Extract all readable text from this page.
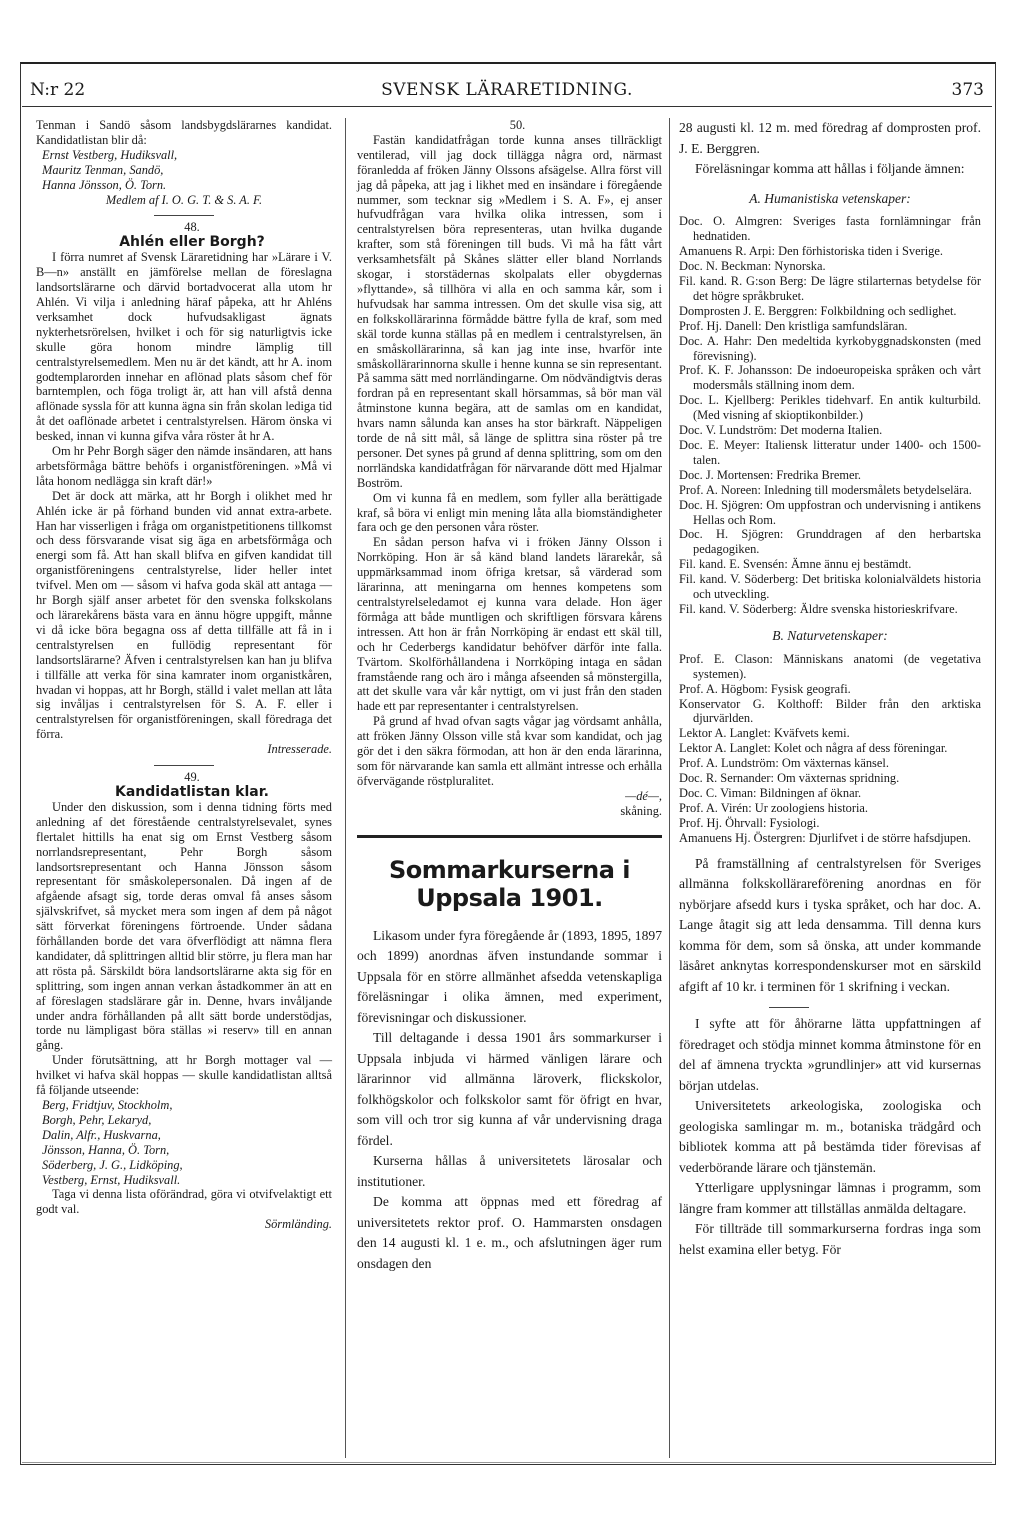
N:r 22	SVENSK LÄRARETIDNING.	373

Tenman i Sandö såsom landsbygdslärarnes kandidat. Kandidatlistan blir då:

Ernst Vestberg, Hudiksvall,
Mauritz Tenman, Sandö,
Hanna Jönsson, Ö. Torn.

Medlem af I. O. G. T. & S. A. F.

48.

Ahlén eller Borgh?

I förra numret af Svensk Läraretidning har »Lärare i V. B—n» anställt en jämförelse mellan de föreslagna landsortslärarne och därvid bortadvocerat alla utom hr Ahlén. Vi vilja i anledning häraf påpeka, att hr Ahléns verksamhet dock hufvudsakligast ägnats nykterhetsrörelsen, hvilket i och för sig naturligtvis icke skulle göra honom mindre lämplig till centralstyrelsemedlem. Men nu är det kändt, att hr A. inom godtemplarorden innehar en aflönad plats såsom chef för barntemplen, och föga troligt är, att han vill afstå denna aflönade syssla för att kunna ägna sin från skolan lediga tid åt det oaflönade arbetet i centralstyrelsen. Härom önska vi besked, innan vi kunna gifva våra röster åt hr A.

Om hr Pehr Borgh säger den nämde insändaren, att hans arbetsförmåga bättre behöfs i organistföreningen. »Må vi låta honom nedlägga sin kraft där!»

Det är dock att märka, att hr Borgh i olikhet med hr Ahlén icke är på förhand bunden vid annat extra-arbete. Han har visserligen i fråga om organistpetitionens tillkomst och dess försvarande visat sig äga en arbetsförmåga och energi som få. Att han skall blifva en gifven kandidat till organistföreningens centralstyrelse, lider heller intet tvifvel. Men om — såsom vi hafva goda skäl att antaga — hr Borgh själf anser arbetet för den svenska folkskolans och lärarekårens bästa vara en ännu högre uppgift, månne vi då icke böra begagna oss af detta tillfälle att få in i centralstyrelsen en fullödig representant för landsortslärarne? Äfven i centralstyrelsen kan han ju blifva i tillfälle att verka för sina kamrater inom organistkåren, hvadan vi hoppas, att hr Borgh, ställd i valet mellan att låta sig invåljas i centralstyrelsen för S. A. F. eller i centralstyrelsen för organistföreningen, skall föredraga det förra.

Intresserade.

49.

Kandidatlistan klar.

Under den diskussion, som i denna tidning förts med anledning af det förestående centralstyrelsevalet, synes flertalet hittills ha enat sig om Ernst Vestberg såsom norrlandsrepresentant, Pehr Borgh såsom landsortsrepresentant och Hanna Jönsson såsom representant för småskolepersonalen. Då ingen af de afgående afsagt sig, torde deras omval få anses såsom självskrifvet, så mycket mera som ingen af dem på något sätt förverkat föreningens förtroende. Under sådana förhållanden borde det vara öfverflödigt att nämna flera kandidater, då splittringen alltid blir större, ju flera man har att rösta på. Särskildt böra landsortslärarne akta sig för en splittring, som ingen annan verkan åstadkommer än att en af föreslagen stadslärare går in. Denne, hvars invåljande under andra förhållanden på allt sätt borde understödjas, torde nu lämpligast böra ställas »i reserv» till en annan gång.

Under förutsättning, att hr Borgh mottager val — hvilket vi hafva skäl hoppas — skulle kandidatlistan alltså få följande utseende:

Berg, Fridtjuv, Stockholm,
Borgh, Pehr, Lekaryd,
Dalin, Alfr., Huskvarna,
Jönsson, Hanna, Ö. Torn,
Söderberg, J. G., Lidköping,
Vestberg, Ernst, Hudiksvall.

Taga vi denna lista oförändrad, göra vi otvifvelaktigt ett godt val.

Sörmländing.

50.

Fastän kandidatfrågan torde kunna anses tillräckligt ventilerad, vill jag dock tillägga några ord, närmast föranledda af fröken Jänny Olssons afsägelse. Allra först vill jag då påpeka, att jag i likhet med en insändare i föregående nummer, som tecknar sig »Medlem i S. A. F», ej anser hufvudfrågan vara hvilka olika intressen, som i centralstyrelsen böra representeras, utan hvilka dugande krafter, som stå föreningen till buds. Vi må ha fått vårt verksamhetsfält på Skånes slätter eller bland Norrlands skogar, i storstädernas skolpalats eller obygdernas »flyttande», så tillhöra vi alla en och samma kår, som i hufvudsak har samma intressen. Om det skulle visa sig, att en folkskollärarinna förmådde bättre fylla de kraf, som med skäl torde kunna ställas på en medlem i centralstyrelsen, än en småskollärarinna, så kan jag inte inse, hvarför inte småskollärarinnorna skulle i henne kunna se sin representant. På samma sätt med norrländingarne. Om nödvändigtvis deras fordran på en representant skall hörsammas, så bör man väl åtminstone kunna begära, att de samlas om en kandidat, hvars namn sålunda kan anses ha stor bärkraft. Näppeligen torde de nå sitt mål, så länge de splittra sina röster på tre personer. Det synes på grund af denna splittring, som om den norrländska kandidatfrågan för närvarande dött med Hjalmar Boström.

Om vi kunna få en medlem, som fyller alla berättigade kraf, så böra vi enligt min mening låta alla biomständigheter fara och ge den personen våra röster.

En sådan person hafva vi i fröken Jänny Olsson i Norrköping. Hon är så känd bland landets lärarekår, så uppmärksammad inom öfriga kretsar, så värderad som lärarinna, att meningarna om hennes kompetens som centralstyrelseledamot ej kunna vara delade. Hon äger förmåga att både muntligen och skriftligen försvara kårens intressen. Att hon är från Norrköping är endast ett skäl till, och hr Cederbergs kandidatur behöfver därför inte falla. Tvärtom. Skolförhållandena i Norrköping intaga en sådan framstående rang och äro i många afseenden så mönstergilla, att det skulle vara vår kår nyttigt, om vi just från den staden hade ett par representanter i centralstyrelsen.

På grund af hvad ofvan sagts vågar jag vördsamt anhålla, att fröken Jänny Olsson ville stå kvar som kandidat, och jag gör det i den säkra förmodan, att hon är den enda lärarinna, som för närvarande kan samla ett allmänt intresse och erhålla öfvervägande röstpluralitet.

—dé—,

skåning.

Sommarkurserna i Uppsala 1901.

Likasom under fyra föregående år (1893, 1895, 1897 och 1899) anordnas äfven instundande sommar i Uppsala för en större allmänhet afsedda vetenskapliga föreläsningar i olika ämnen, med experiment, förevisningar och diskussioner.

Till deltagande i dessa 1901 års sommarkurser i Uppsala inbjuda vi härmed vänligen lärare och lärarinnor vid allmänna läroverk, flickskolor, folkhögskolor och folkskolor samt för öfrigt en hvar, som vill och tror sig kunna af vår undervisning draga fördel.

Kurserna hållas å universitetets lärosalar och institutioner.

De komma att öppnas med ett föredrag af universitetets rektor prof. O. Hammarsten onsdagen den 14 augusti kl. 1 e. m., och afslutningen äger rum onsdagen den

28 augusti kl. 12 m. med föredrag af domprosten prof. J. E. Berggren.

Föreläsningar komma att hållas i följande ämnen:

A. Humanistiska vetenskaper:
Doc. O. Almgren: Sveriges fasta fornlämningar från hednatiden.
Amanuens R. Arpi: Den förhistoriska tiden i Sverige.
Doc. N. Beckman: Nynorska.
Fil. kand. R. G:son Berg: De lägre stilarternas betydelse för det högre språkbruket.
Domprosten J. E. Berggren: Folkbildning och sedlighet.
Prof. Hj. Danell: Den kristliga samfundsläran.
Doc. A. Hahr: Den medeltida kyrkobyggnadskonsten (med förevisning).
Prof. K. F. Johansson: De indoeuropeiska språken och vårt modersmåls ställning inom dem.
Doc. L. Kjellberg: Perikles tidehvarf. En antik kulturbild. (Med visning af skioptikonbilder.)
Doc. V. Lundström: Det moderna Italien.
Doc. E. Meyer: Italiensk litteratur under 1400- och 1500-talen.
Doc. J. Mortensen: Fredrika Bremer.
Prof. A. Noreen: Inledning till modersmålets betydelselära.
Doc. H. Sjögren: Om uppfostran och undervisning i antikens Hellas och Rom.
Doc. H. Sjögren: Grunddragen af den herbartska pedagogiken.
Fil. kand. E. Svensén: Ämne ännu ej bestämdt.
Fil. kand. V. Söderberg: Det britiska kolonialväldets historia och utveckling.
Fil. kand. V. Söderberg: Äldre svenska historieskrifvare.
B. Naturvetenskaper:
Prof. E. Clason: Människans anatomi (de vegetativa systemen).
Prof. A. Högbom: Fysisk geografi.
Konservator G. Kolthoff: Bilder från den arktiska djurvärlden.
Lektor A. Langlet: Kväfvets kemi.
Lektor A. Langlet: Kolet och några af dess föreningar.
Prof. A. Lundström: Om växternas känsel.
Doc. R. Sernander: Om växternas spridning.
Doc. C. Viman: Bildningen af öknar.
Prof. A. Virén: Ur zoologiens historia.
Prof. Hj. Öhrvall: Fysiologi.
Amanuens Hj. Östergren: Djurlifvet i de större hafsdjupen.

På framställning af centralstyrelsen för Sveriges allmänna folkskollärareförening anordnas en för nybörjare afsedd kurs i tyska språket, och har doc. A. Lange åtagit sig att leda densamma. Till denna kurs komma för dem, som så önska, att under kommande läsåret anknytas korrespondenskurser mot en särskild afgift af 10 kr. i terminen för 1 skrifning i veckan.

I syfte att för åhörarne lätta uppfattningen af föredraget och stödja minnet komma åtminstone för en del af ämnena tryckta »grundlinjer» att vid kursernas början utdelas.

Universitetets arkeologiska, zoologiska och geologiska samlingar m. m., botaniska trädgård och bibliotek komma att på bestämda tider förevisas af vederbörande lärare och tjänstemän.

Ytterligare upplysningar lämnas i programm, som längre fram kommer att tillställas anmälda deltagare.

För tillträde till sommarkurserna fordras inga som helst examina eller betyg. För
